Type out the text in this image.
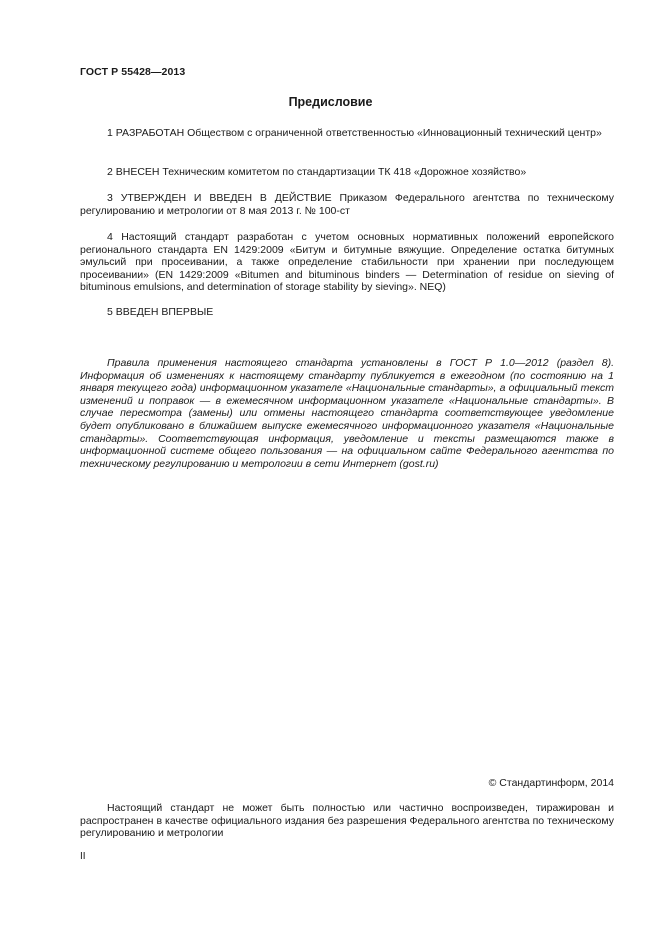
ГОСТ Р 55428—2013
Предисловие

1 РАЗРАБОТАН Обществом с ограниченной ответственностью «Инновационный технический центр»

2 ВНЕСЕН Техническим комитетом по стандартизации ТК 418 «Дорожное хозяйство»

3 УТВЕРЖДЕН И ВВЕДЕН В ДЕЙСТВИЕ Приказом Федерального агентства по техническому регулированию и метрологии от 8 мая 2013 г. № 100-ст

4 Настоящий стандарт разработан с учетом основных нормативных положений европейского регионального стандарта EN 1429:2009 «Битум и битумные вяжущие. Определение остатка битумных эмульсий при просеивании, а также определение стабильности при хранении при последующем просеивании» (EN 1429:2009 «Bitumen and bituminous binders — Determination of residue on sieving of bituminous emulsions, and determination of storage stability by sieving». NEQ)

5 ВВЕДЕН ВПЕРВЫЕ

Правила применения настоящего стандарта установлены в ГОСТ Р 1.0—2012 (раздел 8). Информация об изменениях к настоящему стандарту публикуется в ежегодном (по состоянию на 1 января текущего года) информационном указателе «Национальные стандарты», а официальный текст изменений и поправок — в ежемесячном информационном указателе «Национальные стандарты». В случае пересмотра (замены) или отмены настоящего стандарта соответствующее уведомление будет опубликовано в ближайшем выпуске ежемесячного информационного указателя «Национальные стандарты». Соответствующая информация, уведомление и тексты размещаются также в информационной системе общего пользования — на официальном сайте Федерального агентства по техническому регулированию и метрологии в сети Интернет (gost.ru)

© Стандартинформ, 2014

Настоящий стандарт не может быть полностью или частично воспроизведен, тиражирован и распространен в качестве официального издания без разрешения Федерального агентства по техническому регулированию и метрологии

II
